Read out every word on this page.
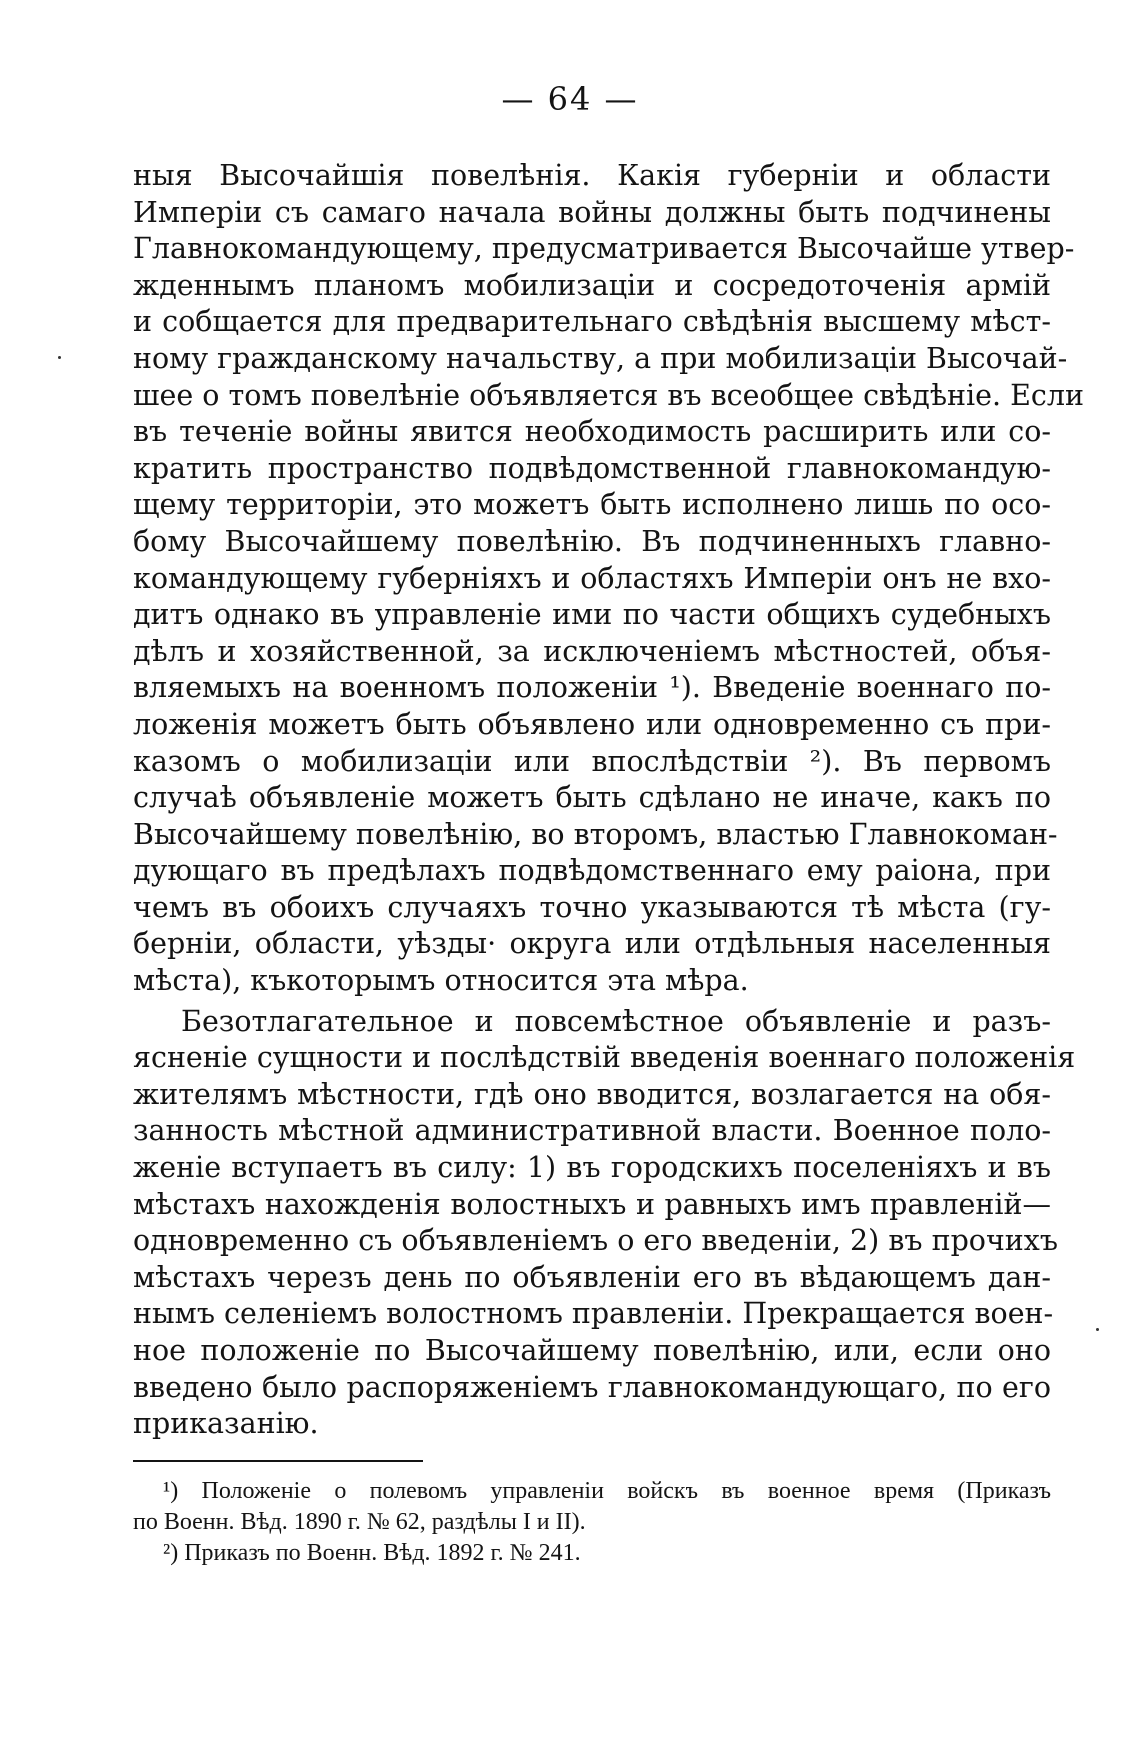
— 64 —
ныя Высочайшія повелѣнія. Какія губерніи и области
Имперіи съ самаго начала войны должны быть подчинены
Главнокомандующему, предусматривается Высочайше утвер-
жденнымъ планомъ мобилизаціи и сосредоточенія армій
и собщается для предварительнаго свѣдѣнія высшему мѣст-
ному гражданскому начальству, а при мобилизаціи Высочай-
шее о томъ повелѣніе объявляется въ всеобщее свѣдѣніе. Если
въ теченіе войны явится необходимость расширить или со-
кратить пространство подвѣдомственной главнокомандую-
щему территоріи, это можетъ быть исполнено лишь по осо-
бому Высочайшему повелѣнію. Въ подчиненныхъ главно-
командующему губерніяхъ и областяхъ Имперіи онъ не вхо-
дитъ однако въ управленіе ими по части общихъ судебныхъ
дѣлъ и хозяйственной, за исключеніемъ мѣстностей, объя-
вляемыхъ на военномъ положеніи ¹). Введеніе военнаго по-
ложенія можетъ быть объявлено или одновременно съ при-
казомъ о мобилизаціи или впослѣдствіи ²). Въ первомъ
случаѣ объявленіе можетъ быть сдѣлано не иначе, какъ по
Высочайшему повелѣнію, во второмъ, властью Главнокоман-
дующаго въ предѣлахъ подвѣдомственнаго ему раіона, при
чемъ въ обоихъ случаяхъ точно указываются тѣ мѣста (гу-
берніи, области, уѣзды· округа или отдѣльныя населенныя
мѣста), къкоторымъ относится эта мѣра.
Безотлагательное и повсемѣстное объявленіе и разъ-
ясненіе сущности и послѣдствій введенія военнаго положенія
жителямъ мѣстности, гдѣ оно вводится, возлагается на обя-
занность мѣстной административной власти. Военное поло-
женіе вступаетъ въ силу: 1) въ городскихъ поселеніяхъ и въ
мѣстахъ нахожденія волостныхъ и равныхъ имъ правленій—
одновременно съ объявленіемъ о его введеніи, 2) въ прочихъ
мѣстахъ черезъ день по объявленіи его въ вѣдающемъ дан-
нымъ селеніемъ волостномъ правленіи. Прекращается воен-
ное положеніе по Высочайшему повелѣнію, или, если оно
введено было распоряженіемъ главнокомандующаго, по его
приказанію.
¹) Положеніе о полевомъ управленіи войскъ въ военное время (Приказъ
по Военн. Вѣд. 1890 г. № 62, раздѣлы I и II).
²) Приказъ по Военн. Вѣд. 1892 г. № 241.
